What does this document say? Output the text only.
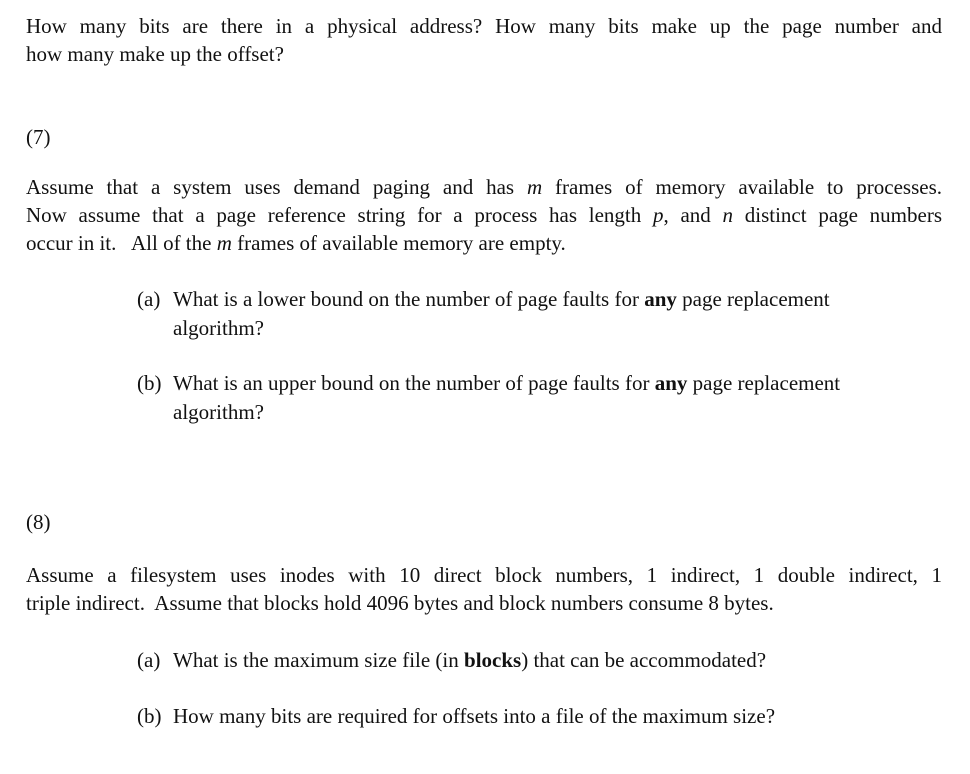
How many bits are there in a physical address? How many bits make up the page number and
how many make up the offset?
(7)
Assume that a system uses demand paging and has m frames of memory available to processes.
Now assume that a page reference string for a process has length p, and n distinct page numbers
occur in it.   All of the m frames of available memory are empty.
(a) What is a lower bound on the number of page faults for any page replacement
algorithm?
(b) What is an upper bound on the number of page faults for any page replacement
algorithm?
(8)
Assume a filesystem uses inodes with 10 direct block numbers, 1 indirect, 1 double indirect, 1
triple indirect.  Assume that blocks hold 4096 bytes and block numbers consume 8 bytes.
(a) What is the maximum size file (in blocks) that can be accommodated?
(b) How many bits are required for offsets into a file of the maximum size?
